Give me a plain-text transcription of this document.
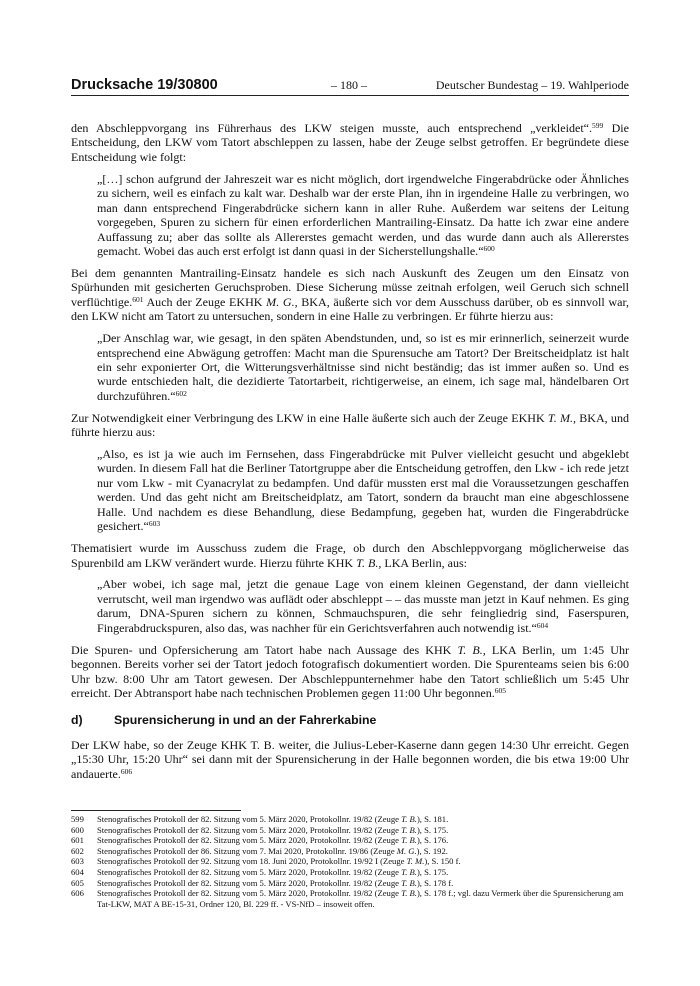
Drucksache 19/30800	– 180 –	Deutscher Bundestag – 19. Wahlperiode

den Abschleppvorgang ins Führerhaus des LKW steigen musste, auch entsprechend „verkleidet“.$^{599}$ Die Entscheidung, den LKW vom Tatort abschleppen zu lassen, habe der Zeuge selbst getroffen. Er begründete diese Entscheidung wie folgt:

„[…] schon aufgrund der Jahreszeit war es nicht möglich, dort irgendwelche Fingerabdrücke oder Ähnliches zu sichern, weil es einfach zu kalt war. Deshalb war der erste Plan, ihn in irgendeine Halle zu verbringen, wo man dann entsprechend Fingerabdrücke sichern kann in aller Ruhe. Außerdem war seitens der Leitung vorgegeben, Spuren zu sichern für einen erforderlichen Mantrailing-Einsatz. Da hatte ich zwar eine andere Auffassung zu; aber das sollte als Allererstes gemacht werden, und das wurde dann auch als Allererstes gemacht. Wobei das auch erst erfolgt ist dann quasi in der Sicherstellungshalle.“$^{600}$

Bei dem genannten Mantrailing-Einsatz handele es sich nach Auskunft des Zeugen um den Einsatz von Spürhunden mit gesicherten Geruchsproben. Diese Sicherung müsse zeitnah erfolgen, weil Geruch sich schnell verflüchtige.$^{601}$ Auch der Zeuge EKHK M. G., BKA, äußerte sich vor dem Ausschuss darüber, ob es sinnvoll war, den LKW nicht am Tatort zu untersuchen, sondern in eine Halle zu verbringen. Er führte hierzu aus:

„Der Anschlag war, wie gesagt, in den späten Abendstunden, und, so ist es mir erinnerlich, seinerzeit wurde entsprechend eine Abwägung getroffen: Macht man die Spurensuche am Tatort? Der Breitscheidplatz ist halt ein sehr exponierter Ort, die Witterungsverhältnisse sind nicht beständig; das ist immer außen so. Und es wurde entschieden halt, die dezidierte Tatortarbeit, richtigerweise, an einem, ich sage mal, händelbaren Ort durchzuführen.“$^{602}$

Zur Notwendigkeit einer Verbringung des LKW in eine Halle äußerte sich auch der Zeuge EKHK T. M., BKA, und führte hierzu aus:

„Also, es ist ja wie auch im Fernsehen, dass Fingerabdrücke mit Pulver vielleicht gesucht und abgeklebt wurden. In diesem Fall hat die Berliner Tatortgruppe aber die Entscheidung getroffen, den Lkw - ich rede jetzt nur vom Lkw - mit Cyanacrylat zu bedampfen. Und dafür mussten erst mal die Voraussetzungen geschaffen werden. Und das geht nicht am Breitscheidplatz, am Tatort, sondern da braucht man eine abgeschlossene Halle. Und nachdem es diese Behandlung, diese Bedampfung, gegeben hat, wurden die Fingerabdrücke gesichert.“$^{603}$

Thematisiert wurde im Ausschuss zudem die Frage, ob durch den Abschleppvorgang möglicherweise das Spurenbild am LKW verändert wurde. Hierzu führte KHK T. B., LKA Berlin, aus:

„Aber wobei, ich sage mal, jetzt die genaue Lage von einem kleinen Gegenstand, der dann vielleicht verrutscht, weil man irgendwo was auflädt oder abschleppt – – das musste man jetzt in Kauf nehmen. Es ging darum, DNA-Spuren sichern zu können, Schmauchspuren, die sehr feingliedrig sind, Faserspuren, Fingerabdruckspuren, also das, was nachher für ein Gerichtsverfahren auch notwendig ist.“$^{604}$

Die Spuren- und Opfersicherung am Tatort habe nach Aussage des KHK T. B., LKA Berlin, um 1:45 Uhr begonnen. Bereits vorher sei der Tatort jedoch fotografisch dokumentiert worden. Die Spurenteams seien bis 6:00 Uhr bzw. 8:00 Uhr am Tatort gewesen. Der Abschleppunternehmer habe den Tatort schließlich um 5:45 Uhr erreicht. Der Abtransport habe nach technischen Problemen gegen 11:00 Uhr begonnen.$^{605}$

d)	Spurensicherung in und an der Fahrerkabine

Der LKW habe, so der Zeuge KHK T. B. weiter, die Julius-Leber-Kaserne dann gegen 14:30 Uhr erreicht. Gegen „15:30 Uhr, 15:20 Uhr“ sei dann mit der Spurensicherung in der Halle begonnen worden, die bis etwa 19:00 Uhr andauerte.$^{606}$

599	Stenografisches Protokoll der 82. Sitzung vom 5. März 2020, Protokollnr. 19/82 (Zeuge T. B.), S. 181.
600	Stenografisches Protokoll der 82. Sitzung vom 5. März 2020, Protokollnr. 19/82 (Zeuge T. B.), S. 175.
601	Stenografisches Protokoll der 82. Sitzung vom 5. März 2020, Protokollnr. 19/82 (Zeuge T. B.), S. 176.
602	Stenografisches Protokoll der 86. Sitzung vom 7. Mai 2020, Protokollnr. 19/86 (Zeuge M. G.), S. 192.
603	Stenografisches Protokoll der 92. Sitzung vom 18. Juni 2020, Protokollnr. 19/92 I (Zeuge T. M.), S. 150 f.
604	Stenografisches Protokoll der 82. Sitzung vom 5. März 2020, Protokollnr. 19/82 (Zeuge T. B.), S. 175.
605	Stenografisches Protokoll der 82. Sitzung vom 5. März 2020, Protokollnr. 19/82 (Zeuge T. B.), S. 178 f.
606	Stenografisches Protokoll der 82. Sitzung vom 5. März 2020, Protokollnr. 19/82 (Zeuge T. B.), S. 178 f.; vgl. dazu Vermerk über die Spurensicherung am Tat-LKW, MAT A BE-15-31, Ordner 120, Bl. 229 ff. - VS-NfD – insoweit offen.
